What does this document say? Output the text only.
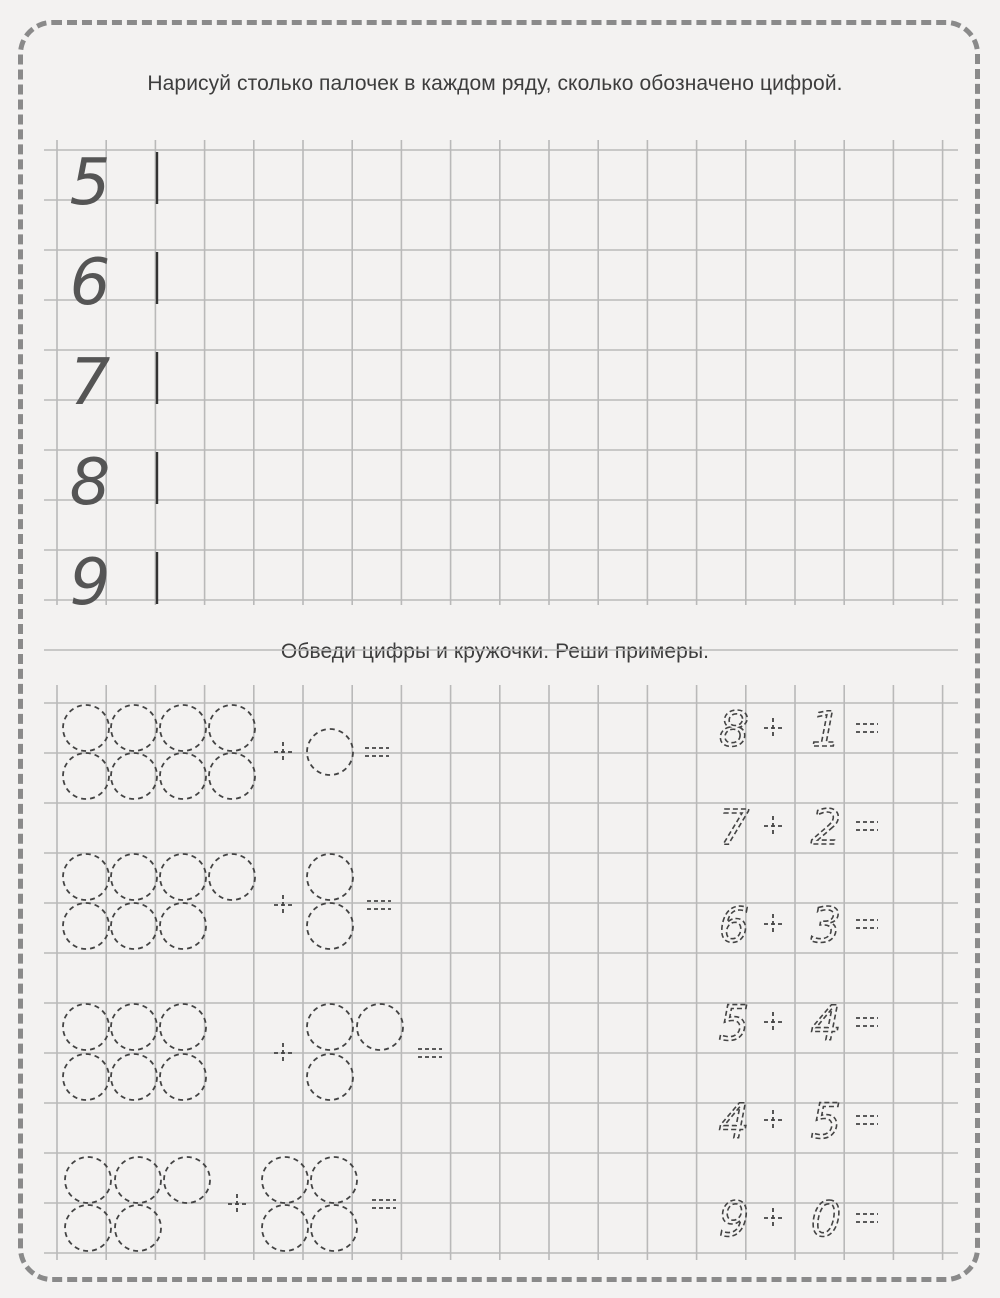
Нарисуй столько палочек в каждом ряду, сколько обозначено цифрой.
Обведи цифры и кружочки. Реши примеры.
5
6
7
8
9
8 1
7 2
6 3
5 4
4 5
9 0
